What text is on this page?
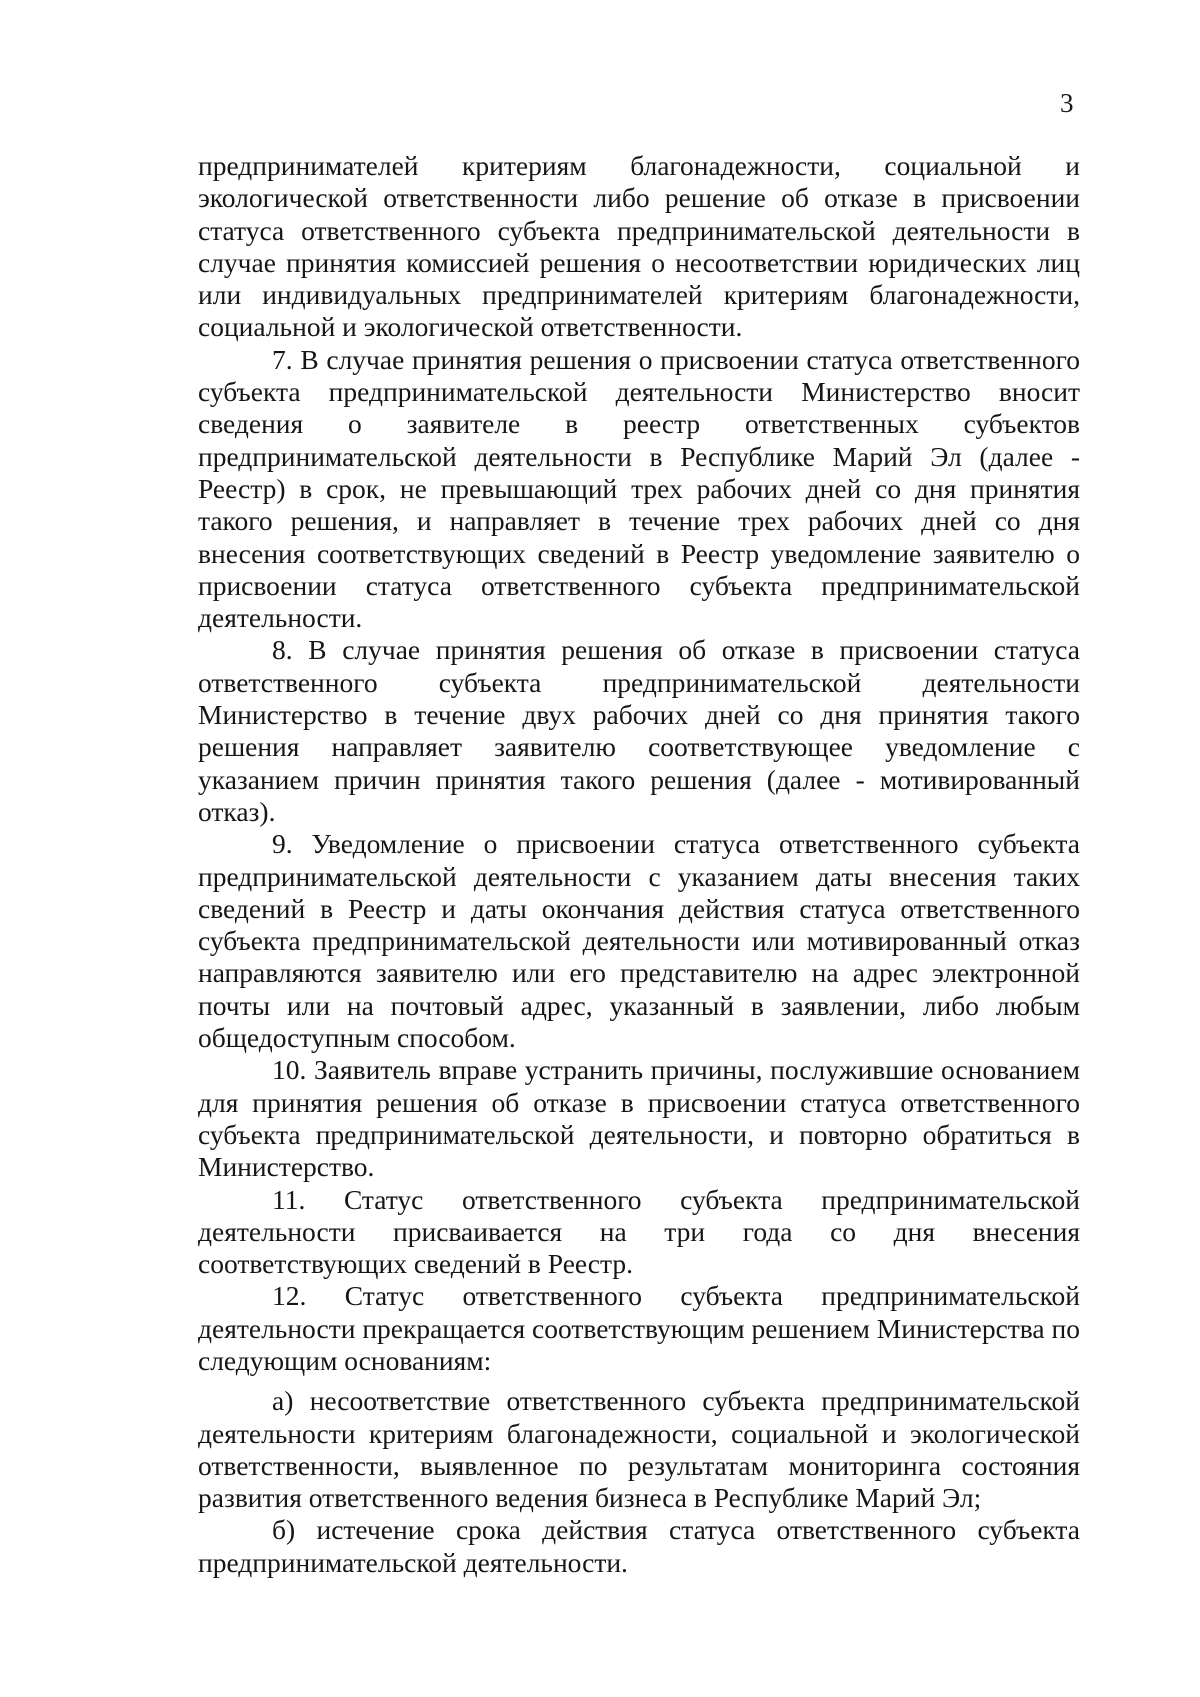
3

предпринимателей критериям благонадежности, социальной и экологической ответственности либо решение об отказе в присвоении статуса ответственного субъекта предпринимательской деятельности в случае принятия комиссией решения о несоответствии юридических лиц или индивидуальных предпринимателей критериям благонадежности, социальной и экологической ответственности.

7. В случае принятия решения о присвоении статуса ответственного субъекта предпринимательской деятельности Министерство вносит сведения о заявителе в реестр ответственных субъектов предпринимательской деятельности в Республике Марий Эл (далее - Реестр) в срок, не превышающий трех рабочих дней со дня принятия такого решения, и направляет в течение трех рабочих дней со дня внесения соответствующих сведений в Реестр уведомление заявителю о присвоении статуса ответственного субъекта предпринимательской деятельности.

8. В случае принятия решения об отказе в присвоении статуса ответственного субъекта предпринимательской деятельности Министерство в течение двух рабочих дней со дня принятия такого решения направляет заявителю соответствующее уведомление с указанием причин принятия такого решения (далее - мотивированный отказ).

9. Уведомление о присвоении статуса ответственного субъекта предпринимательской деятельности с указанием даты внесения таких сведений в Реестр и даты окончания действия статуса ответственного субъекта предпринимательской деятельности или мотивированный отказ направляются заявителю или его представителю на адрес электронной почты или на почтовый адрес, указанный в заявлении, либо любым общедоступным способом.

10. Заявитель вправе устранить причины, послужившие основанием для принятия решения об отказе в присвоении статуса ответственного субъекта предпринимательской деятельности, и повторно обратиться в Министерство.

11. Статус ответственного субъекта предпринимательской деятельности присваивается на три года со дня внесения соответствующих сведений в Реестр.

12. Статус ответственного субъекта предпринимательской деятельности прекращается соответствующим решением Министерства по следующим основаниям:

а) несоответствие ответственного субъекта предпринимательской деятельности критериям благонадежности, социальной и экологической ответственности, выявленное по результатам мониторинга состояния развития ответственного ведения бизнеса в Республике Марий Эл;

б) истечение срока действия статуса ответственного субъекта предпринимательской деятельности.
